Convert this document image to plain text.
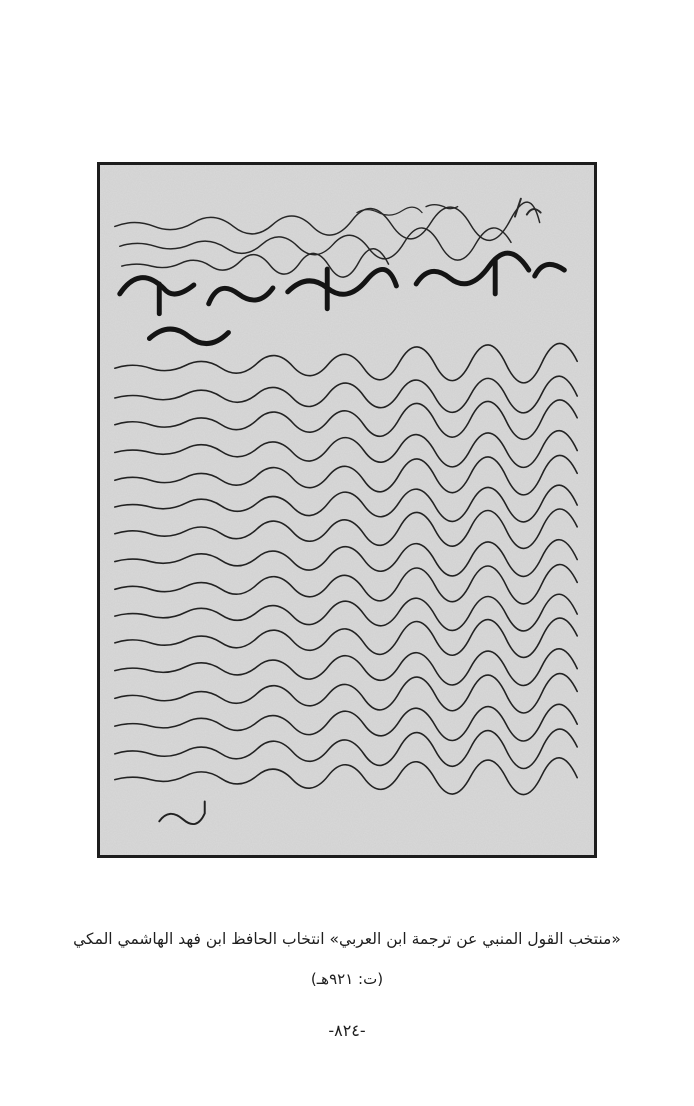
«منتخب القول المنبي عن ترجمة ابن العربي» انتخاب الحافظ ابن فهد الهاشمي المكي
(ت: ٩٢١هـ)
-٨٢٤-
